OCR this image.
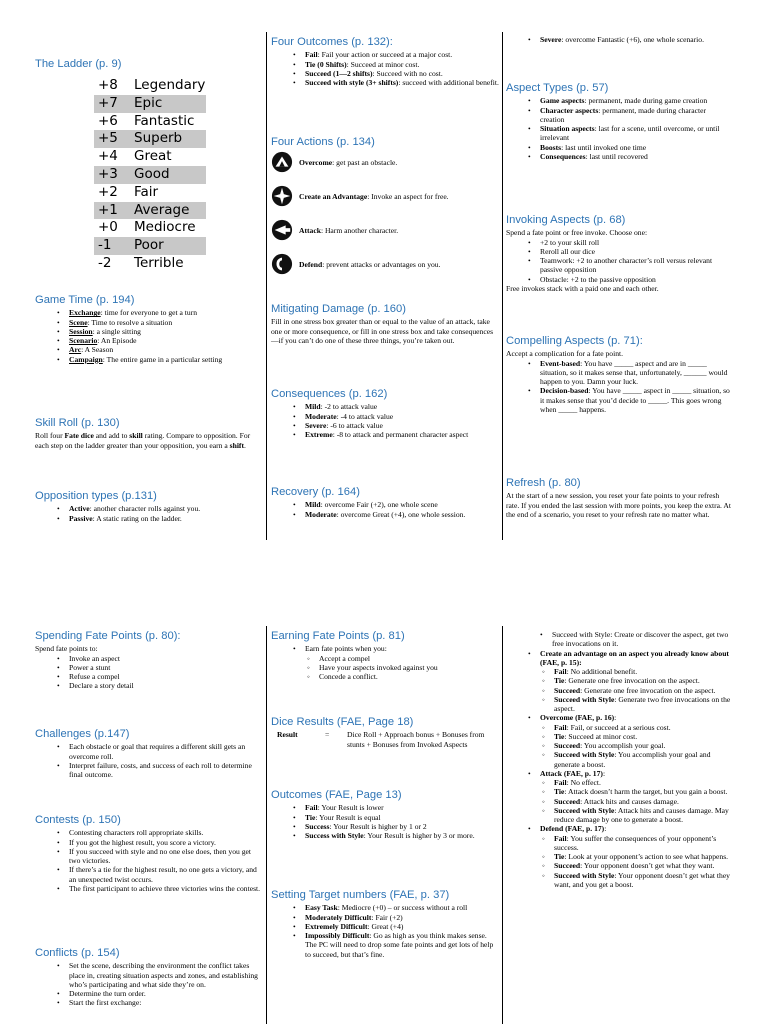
The Ladder (p. 9)
+8	Legendary
+7	Epic
+6	Fantastic
+5	Superb
+4	Great
+3	Good
+2	Fair
+1	Average
+0	Mediocre
-1	Poor
-2	Terrible
Game Time (p. 194)
• Exchange: time for everyone to get a turn
• Scene: Time to resolve a situation
• Session: a single sitting
• Scenario: An Episode
• Arc: A Season
• Campaign: The entire game in a particular setting
Skill Roll (p. 130)

Roll four Fate dice and add to skill rating. Compare to opposition. For each step on the ladder greater than your opposition, you earn a shift.

Opposition types (p.131)
• Active: another character rolls against you.
• Passive: A static rating on the ladder.
Four Outcomes (p. 132):
• Fail: Fail your action or succeed at a major cost.
• Tie (0 Shifts): Succeed at minor cost.
• Succeed (1—2 shifts): Succeed with no cost.
• Succeed with style (3+ shifts): succeed with additional benefit.
Four Actions (p. 134)
Overcome: get past an obstacle.
Create an Advantage: Invoke an aspect for free.
Attack: Harm another character.
Defend: prevent attacks or advantages on you.
Mitigating Damage (p. 160)

Fill in one stress box greater than or equal to the value of an attack, take one or more consequence, or fill in one stress box and take consequences—if you can’t do one of these three things, you’re taken out.

Consequences (p. 162)
• Mild: -2 to attack value
• Moderate: -4 to attack value
• Severe: -6 to attack value
• Extreme: -8 to attack and permanent character aspect
Recovery (p. 164)
• Mild: overcome Fair (+2), one whole scene
• Moderate: overcome Great (+4), one whole session.
• Severe: overcome Fantastic (+6), one whole scenario.
Aspect Types (p. 57)
• Game aspects: permanent, made during game creation
• Character aspects: permanent, made during character creation
• Situation aspects: last for a scene, until overcome, or until irrelevant
• Boosts: last until invoked one time
• Consequences: last until recovered
Invoking Aspects (p. 68)

Spend a fate point or free invoke. Choose one:

• +2 to your skill roll
• Reroll all our dice
• Teamwork: +2 to another character’s roll versus relevant passive opposition
• Obstacle: +2 to the passive opposition

Free invokes stack with a paid one and each other.

Compelling Aspects (p. 71):

Accept a complication for a fate point.

• Event-based: You have _____ aspect and are in _____ situation, so it makes sense that, unfortunately, ______ would happen to you. Damn your luck.
• Decision-based: You have _____ aspect in _____ situation, so it makes sense that you’d decide to _____. This goes wrong when _____ happens.
Refresh (p. 80)

At the start of a new session, you reset your fate points to your refresh rate. If you ended the last session with more points, you keep the extra. At the end of a scenario, you reset to your refresh rate no matter what.

Spending Fate Points (p. 80):

Spend fate points to:

• Invoke an aspect
• Power a stunt
• Refuse a compel
• Declare a story detail
Challenges (p.147)
• Each obstacle or goal that requires a different skill gets an overcome roll.
• Interpret failure, costs, and success of each roll to determine final outcome.
Contests (p. 150)
• Contesting characters roll appropriate skills.
• If you got the highest result, you score a victory.
• If you succeed with style and no one else does, then you get two victories.
• If there’s a tie for the highest result, no one gets a victory, and an unexpected twist occurs.
• The first participant to achieve three victories wins the contest.
Conflicts (p. 154)
• Set the scene, describing the environment the conflict takes place in, creating situation aspects and zones, and establishing who’s participating and what side they’re on.
• Determine the turn order.
• Start the first exchange:
Earning Fate Points (p. 81)
• Earn fate points when you:
◦ Accept a compel
◦ Have your aspects invoked against you
◦ Concede a conflict.
Dice Results (FAE, Page 18)
Result	=	Dice Roll + Approach bonus + Bonuses from stunts + Bonuses from Invoked Aspects
Outcomes (FAE, Page 13)
• Fail: Your Result is lower
• Tie: Your Result is equal
• Success: Your Result is higher by 1 or 2
• Success with Style: Your Result is higher by 3 or more.
Setting Target numbers (FAE, p. 37)
• Easy Task: Mediocre (+0) – or success without a roll
• Moderately Difficult: Fair (+2)
• Extremely Difficult: Great (+4)
• Impossibly Difficult: Go as high as you think makes sense. The PC will need to drop some fate points and get lots of help to succeed, but that’s fine.
• Succeed with Style: Create or discover the aspect, get two free invocations on it.
• Create an advantage on an aspect you already know about (FAE, p. 15):
◦ Fail: No additional benefit.
◦ Tie: Generate one free invocation on the aspect.
◦ Succeed: Generate one free invocation on the aspect.
◦ Succeed with Style: Generate two free invocations on the aspect.
• Overcome (FAE, p. 16):
◦ Fail: Fail, or succeed at a serious cost.
◦ Tie: Succeed at minor cost.
◦ Succeed: You accomplish your goal.
◦ Succeed with Style: You accomplish your goal and generate a boost.
• Attack (FAE, p. 17):
◦ Fail: No effect.
◦ Tie: Attack doesn’t harm the target, but you gain a boost.
◦ Succeed: Attack hits and causes damage.
◦ Succeed with Style: Attack hits and causes damage. May reduce damage by one to generate a boost.
• Defend (FAE, p. 17):
◦ Fail: You suffer the consequences of your opponent’s success.
◦ Tie: Look at your opponent’s action to see what happens.
◦ Succeed: Your opponent doesn’t get what they want.
◦ Succeed with Style: Your opponent doesn’t get what they want, and you get a boost.
